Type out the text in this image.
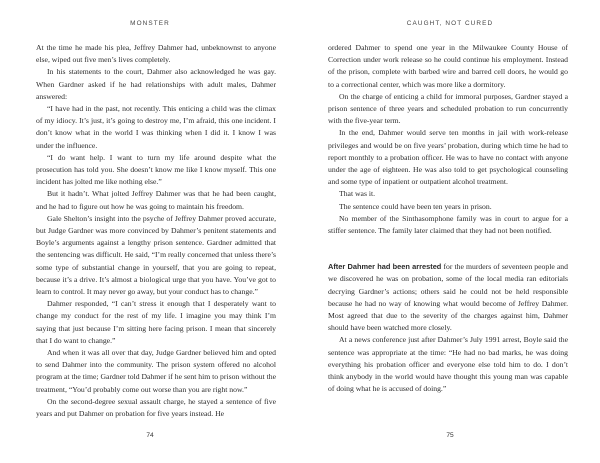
MONSTER

At the time he made his plea, Jeffrey Dahmer had, unbeknownst to anyone else, wiped out five men’s lives completely.

In his statements to the court, Dahmer also acknowledged he was gay. When Gardner asked if he had relationships with adult males, Dahmer answered:

“I have had in the past, not recently. This enticing a child was the climax of my idiocy. It’s just, it’s going to destroy me, I’m afraid, this one incident. I don’t know what in the world I was thinking when I did it. I know I was under the influence.

“I do want help. I want to turn my life around despite what the prosecution has told you. She doesn’t know me like I know myself. This one incident has jolted me like nothing else.”

But it hadn’t. What jolted Jeffrey Dahmer was that he had been caught, and he had to figure out how he was going to maintain his freedom.

Gale Shelton’s insight into the psyche of Jeffrey Dahmer proved accurate, but Judge Gardner was more convinced by Dahmer’s penitent statements and Boyle’s arguments against a lengthy prison sentence. Gardner admitted that the sentencing was difficult. He said, “I’m really concerned that unless there’s some type of substantial change in yourself, that you are going to repeat, because it’s a drive. It’s almost a biological urge that you have. You’ve got to learn to control. It may never go away, but your conduct has to change.”

Dahmer responded, “I can’t stress it enough that I desperately want to change my conduct for the rest of my life. I imagine you may think I’m saying that just because I’m sitting here facing prison. I mean that sincerely that I do want to change.”

And when it was all over that day, Judge Gardner believed him and opted to send Dahmer into the community. The prison system offered no alcohol program at the time; Gardner told Dahmer if he sent him to prison without the treatment, “You’d probably come out worse than you are right now.”

On the second-degree sexual assault charge, he stayed a sentence of five years and put Dahmer on probation for five years instead. He

74
CAUGHT, NOT CURED

ordered Dahmer to spend one year in the Milwaukee County House of Correction under work release so he could continue his employment. Instead of the prison, complete with barbed wire and barred cell doors, he would go to a correctional center, which was more like a dormitory.

On the charge of enticing a child for immoral purposes, Gardner stayed a prison sentence of three years and scheduled probation to run concurrently with the five-year term.

In the end, Dahmer would serve ten months in jail with work-release privileges and would be on five years’ probation, during which time he had to report monthly to a probation officer. He was to have no contact with anyone under the age of eighteen. He was also told to get psychological counseling and some type of inpatient or outpatient alcohol treatment.

That was it.

The sentence could have been ten years in prison.

No member of the Sinthasomphone family was in court to argue for a stiffer sentence. The family later claimed that they had not been notified.

After Dahmer had been arrested for the murders of seventeen people and we discovered he was on probation, some of the local media ran editorials decrying Gardner’s actions; others said he could not be held responsible because he had no way of knowing what would become of Jeffrey Dahmer. Most agreed that due to the severity of the charges against him, Dahmer should have been watched more closely.

At a news conference just after Dahmer’s July 1991 arrest, Boyle said the sentence was appropriate at the time: “He had no bad marks, he was doing everything his probation officer and everyone else told him to do. I don’t think anybody in the world would have thought this young man was capable of doing what he is accused of doing.”

75
